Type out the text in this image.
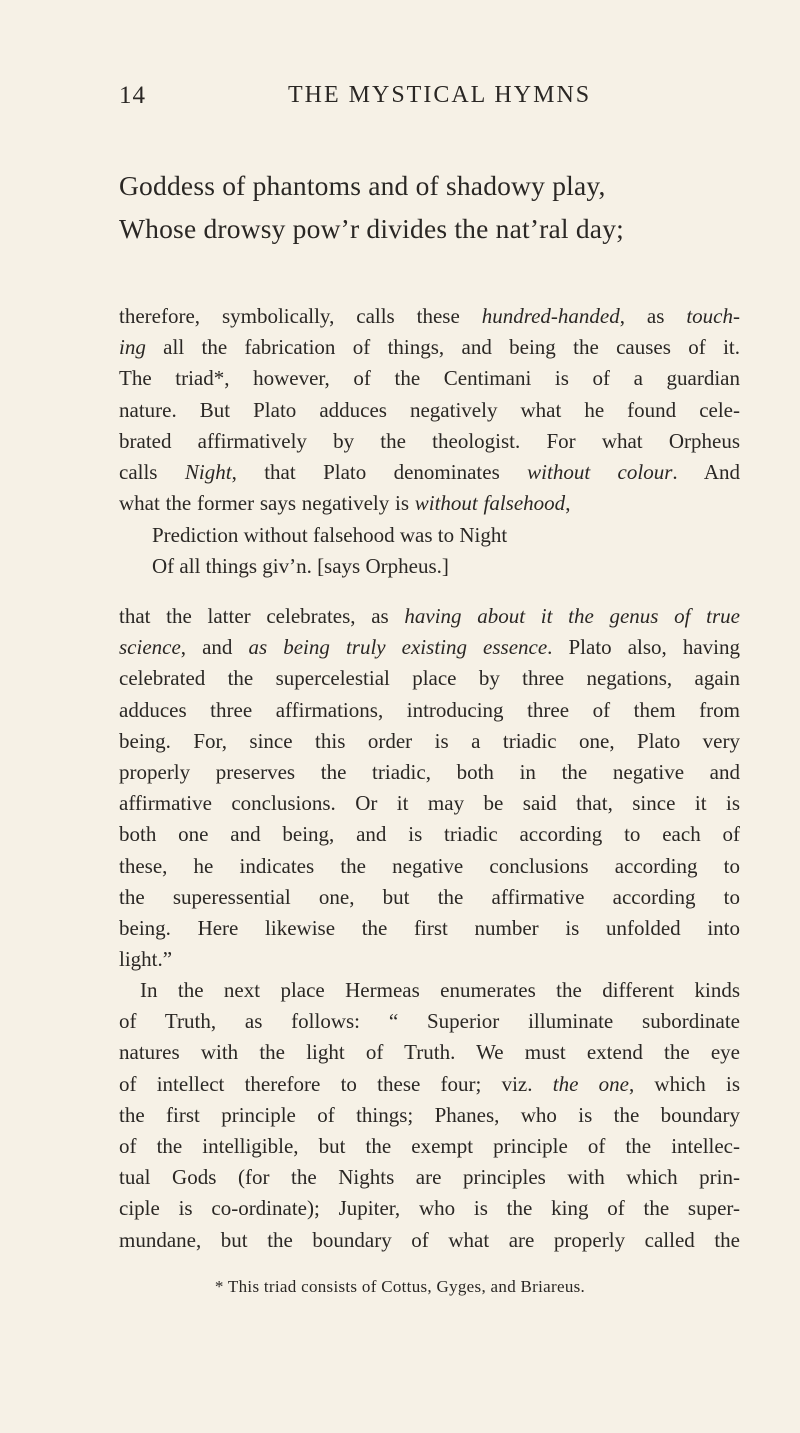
14	THE MYSTICAL HYMNS
Goddess of phantoms and of shadowy play,
Whose drowsy pow’r divides the nat’ral day;
therefore, symbolically, calls these hundred-handed, as touch-
ing all the fabrication of things, and being the causes of it.
The triad*, however, of the Centimani is of a guardian
nature. But Plato adduces negatively what he found cele-
brated affirmatively by the theologist. For what Orpheus
calls Night, that Plato denominates without colour. And
what the former says negatively is without falsehood,
Prediction without falsehood was to Night
Of all things giv’n. [says Orpheus.]
that the latter celebrates, as having about it the genus of true
science, and as being truly existing essence. Plato also, having
celebrated the supercelestial place by three negations, again
adduces three affirmations, introducing three of them from
being. For, since this order is a triadic one, Plato very
properly preserves the triadic, both in the negative and
affirmative conclusions. Or it may be said that, since it is
both one and being, and is triadic according to each of
these, he indicates the negative conclusions according to
the superessential one, but the affirmative according to
being. Here likewise the first number is unfolded into
light.”
In the next place Hermeas enumerates the different kinds
of Truth, as follows: “ Superior illuminate subordinate
natures with the light of Truth. We must extend the eye
of intellect therefore to these four; viz. the one, which is
the first principle of things; Phanes, who is the boundary
of the intelligible, but the exempt principle of the intellec-
tual Gods (for the Nights are principles with which prin-
ciple is co-ordinate); Jupiter, who is the king of the super-
mundane, but the boundary of what are properly called the
* This triad consists of Cottus, Gyges, and Briareus.
